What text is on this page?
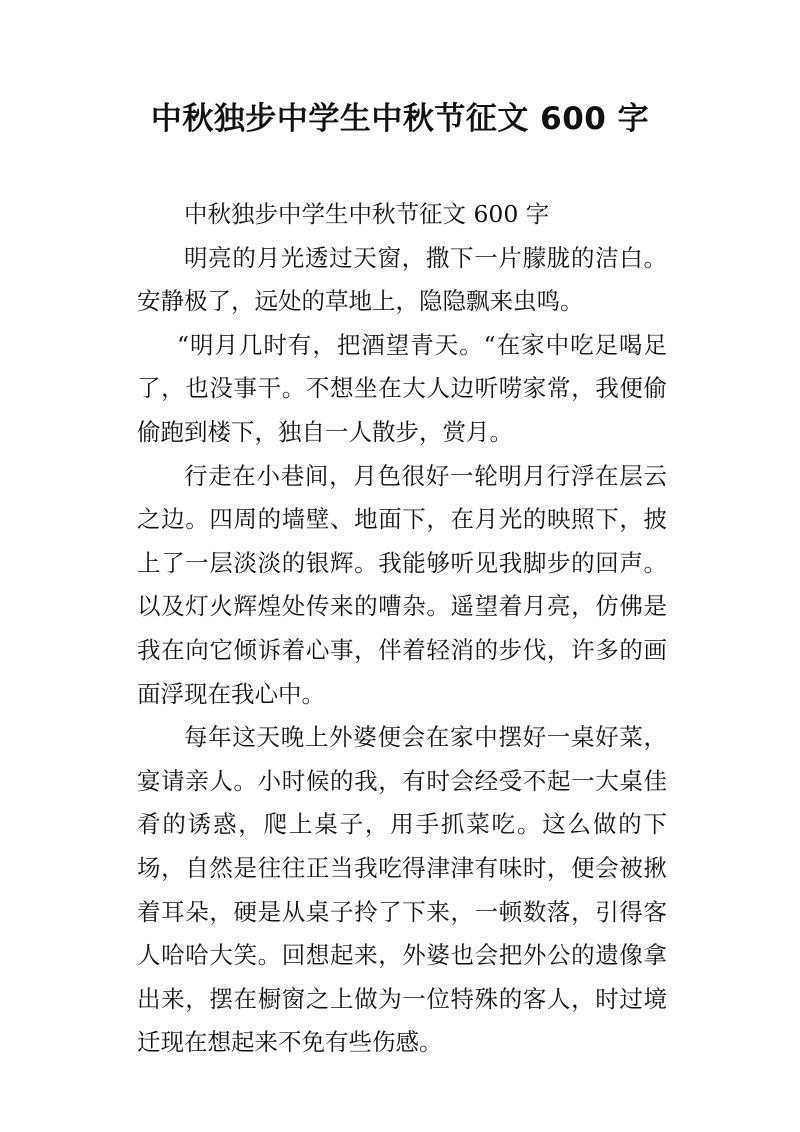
中秋独步中学生中秋节征文 600 字

中秋独步中学生中秋节征文 600 字

明亮的月光透过天窗，撒下一片朦胧的洁白。安静极了，远处的草地上，隐隐飘来虫鸣。

“明月几时有，把酒望青天。“在家中吃足喝足了，也没事干。不想坐在大人边听唠家常，我便偷偷跑到楼下，独自一人散步，赏月。

行走在小巷间，月色很好一轮明月行浮在层云之边。四周的墙壁、地面下，在月光的映照下，披上了一层淡淡的银辉。我能够听见我脚步的回声。以及灯火辉煌处传来的嘈杂。遥望着月亮，仿佛是我在向它倾诉着心事，伴着轻消的步伐，许多的画面浮现在我心中。

每年这天晚上外婆便会在家中摆好一桌好菜，宴请亲人。小时候的我，有时会经受不起一大桌佳肴的诱惑，爬上桌子，用手抓菜吃。这么做的下场，自然是往往正当我吃得津津有味时，便会被揪着耳朵，硬是从桌子拎了下来，一顿数落，引得客人哈哈大笑。回想起来，外婆也会把外公的遗像拿出来，摆在橱窗之上做为一位特殊的客人，时过境迁现在想起来不免有些伤感。
